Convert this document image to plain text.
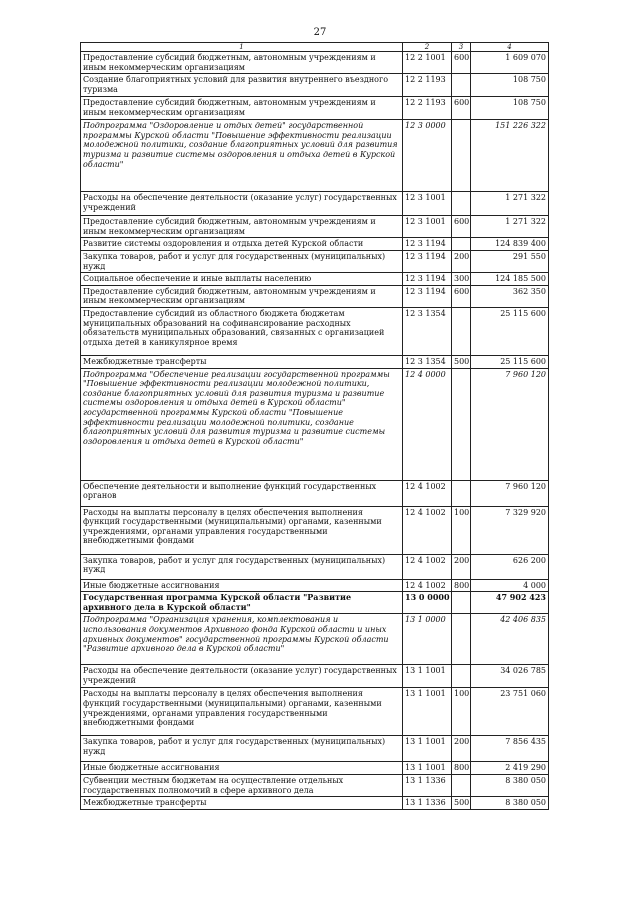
27
1	2	3	4
Предоставление субсидий бюджетным, автономным учреждениям и иным некоммерческим организациям	12 2 1001	600	1 609 070
Создание благоприятных условий для развития внутреннего въездного туризма	12 2 1193		108 750
Предоставление субсидий бюджетным, автономным учреждениям и иным некоммерческим организациям	12 2 1193	600	108 750
Подпрограмма "Оздоровление и отдых детей" государственной программы Курской области "Повышение эффективности реализации молодежной политики, создание благоприятных условий для развития туризма и развитие системы оздоровления и отдыха детей в Курской области"	12 3 0000		151 226 322
Расходы на обеспечение деятельности (оказание услуг) государственных учреждений	12 3 1001		1 271 322
Предоставление субсидий бюджетным, автономным учреждениям и иным некоммерческим организациям	12 3 1001	600	1 271 322
Развитие системы оздоровления и отдыха детей Курской области	12 3 1194		124 839 400
Закупка товаров, работ и услуг для государственных (муниципальных) нужд	12 3 1194	200	291 550
Социальное обеспечение и иные выплаты населению	12 3 1194	300	124 185 500
Предоставление субсидий бюджетным, автономным учреждениям и иным некоммерческим организациям	12 3 1194	600	362 350
Предоставление субсидий из областного бюджета бюджетам муниципальных образований на софинансирование расходных обязательств муниципальных образований, связанных с организацией отдыха детей в каникулярное время	12 3 1354		25 115 600
Межбюджетные трансферты	12 3 1354	500	25 115 600
Подпрограмма "Обеспечение реализации государственной программы "Повышение эффективности реализации молодежной политики, создание благоприятных условий для развития туризма и развитие системы оздоровления и отдыха детей в Курской области" государственной программы Курской области "Повышение эффективности реализации молодежной политики, создание благоприятных условий для развития туризма и развитие системы оздоровления и отдыха детей в Курской области"	12 4 0000		7 960 120
Обеспечение деятельности и выполнение функций государственных органов	12 4 1002		7 960 120
Расходы на выплаты персоналу в целях обеспечения выполнения функций государственными (муниципальными) органами, казенными учреждениями, органами управления государственными внебюджетными фондами	12 4 1002	100	7 329 920
Закупка товаров, работ и услуг для государственных (муниципальных) нужд	12 4 1002	200	626 200
Иные бюджетные ассигнования	12 4 1002	800	4 000
Государственная программа Курской области "Развитие архивного дела в Курской области"	13 0 0000		47 902 423
Подпрограмма "Организация хранения, комплектования и использования документов Архивного фонда Курской области и иных архивных документов" государственной программы Курской области "Развитие архивного дела в Курской области"	13 1 0000		42 406 835
Расходы на обеспечение деятельности (оказание услуг) государственных учреждений	13 1 1001		34 026 785
Расходы на выплаты персоналу в целях обеспечения выполнения функций государственными (муниципальными) органами, казенными учреждениями, органами управления государственными внебюджетными фондами	13 1 1001	100	23 751 060
Закупка товаров, работ и услуг для государственных (муниципальных) нужд	13 1 1001	200	7 856 435
Иные бюджетные ассигнования	13 1 1001	800	2 419 290
Субвенции местным бюджетам на осуществление отдельных государственных полномочий в сфере архивного дела	13 1 1336		8 380 050
Межбюджетные трансферты	13 1 1336	500	8 380 050
